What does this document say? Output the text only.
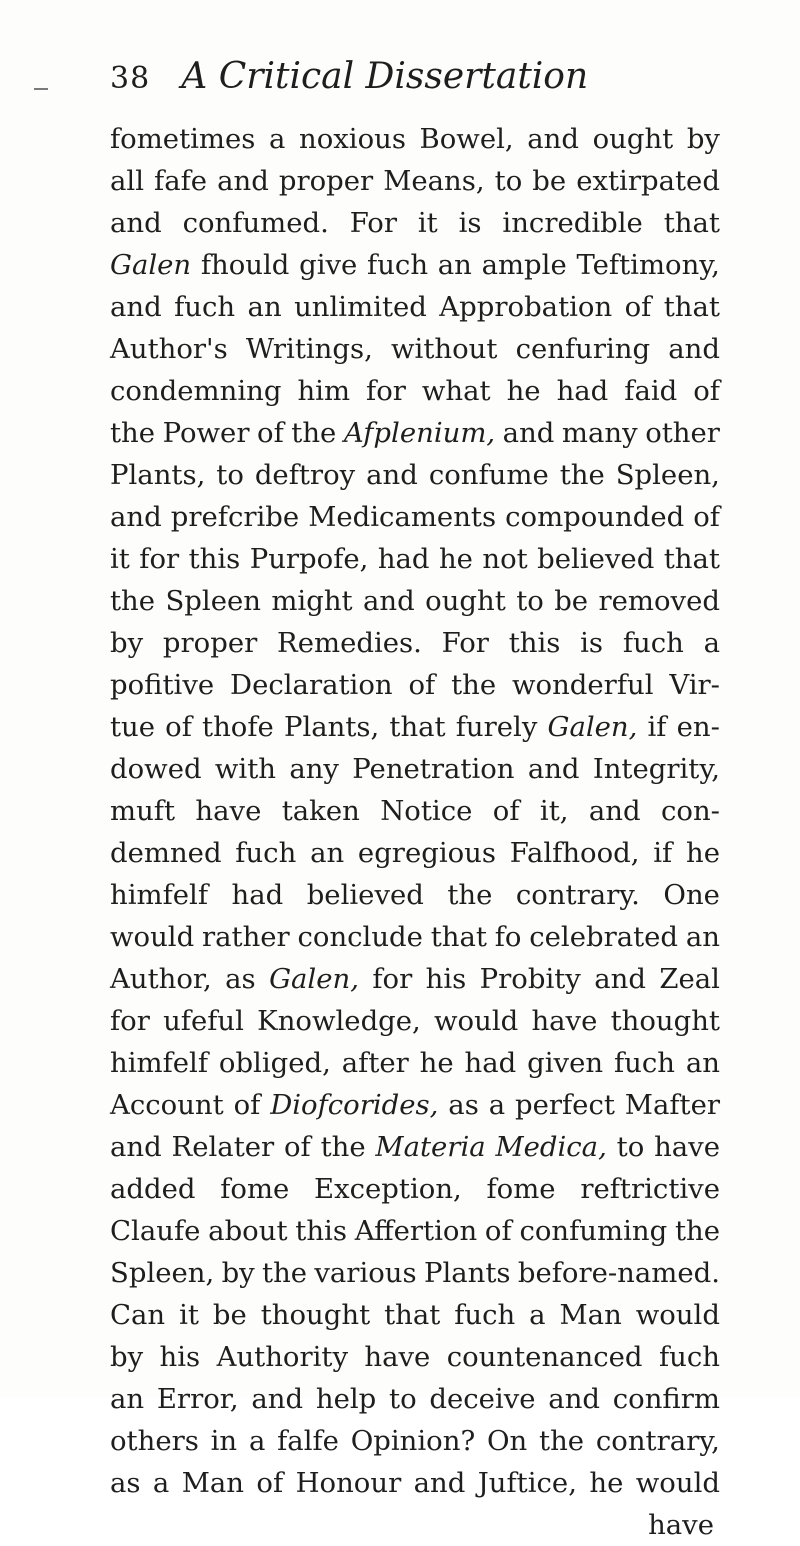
38 A Critical Dissertation
fometimes a noxious Bowel, and ought by
all fafe and proper Means, to be extirpated
and confumed. For it is incredible that
Galen fhould give fuch an ample Teftimony,
and fuch an unlimited Approbation of that
Author's Writings, without cenfuring and
condemning him for what he had faid of
the Power of the Afplenium, and many other
Plants, to deftroy and confume the Spleen,
and prefcribe Medicaments compounded of
it for this Purpofe, had he not believed that
the Spleen might and ought to be removed
by proper Remedies. For this is fuch a
pofitive Declaration of the wonderful Vir-
tue of thofe Plants, that furely Galen, if en-
dowed with any Penetration and Integrity,
muft have taken Notice of it, and con-
demned fuch an egregious Falfhood, if he
himfelf had believed the contrary. One
would rather conclude that fo celebrated an
Author, as Galen, for his Probity and Zeal
for ufeful Knowledge, would have thought
himfelf obliged, after he had given fuch an
Account of Diofcorides, as a perfect Mafter
and Relater of the Materia Medica, to have
added fome Exception, fome reftrictive
Claufe about this Affertion of confuming the
Spleen, by the various Plants before-named.
Can it be thought that fuch a Man would
by his Authority have countenanced fuch
an Error, and help to deceive and confirm
others in a falfe Opinion? On the contrary,
as a Man of Honour and Juftice, he would
have
